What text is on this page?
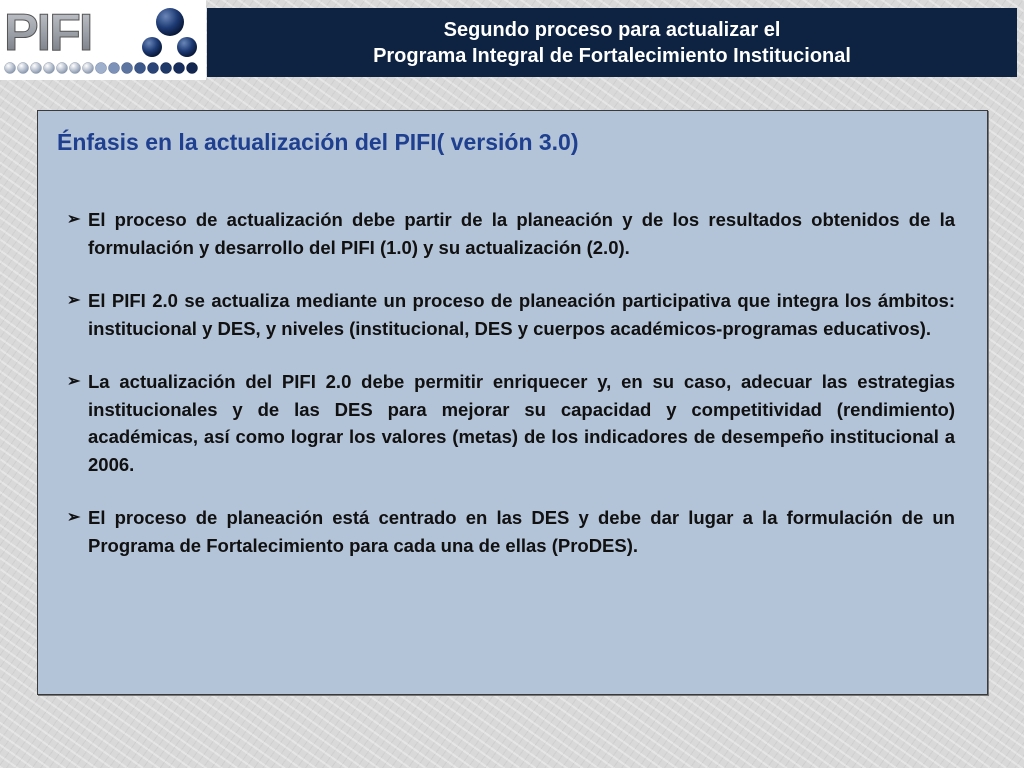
PIFI	Segundo proceso para actualizar el
Programa Integral de Fortalecimiento Institucional
Énfasis en la actualización del PIFI( versión 3.0)
➢ El proceso de actualización debe partir de la planeación y de los resultados obtenidos de la formulación y desarrollo del PIFI (1.0) y su actualización (2.0).
➢ El PIFI 2.0 se actualiza mediante un proceso de planeación participativa que integra los ámbitos: institucional y DES, y niveles (institucional, DES y cuerpos académicos-programas educativos).
➢ La actualización del PIFI 2.0 debe permitir enriquecer y, en su caso, adecuar las estrategias institucionales y de las DES para mejorar su capacidad y competitividad (rendimiento) académicas, así como lograr los valores (metas) de los indicadores de desempeño institucional a 2006.
➢ El proceso de planeación está centrado en las DES y debe dar lugar a la formulación de un Programa de Fortalecimiento para cada una de ellas (ProDES).
